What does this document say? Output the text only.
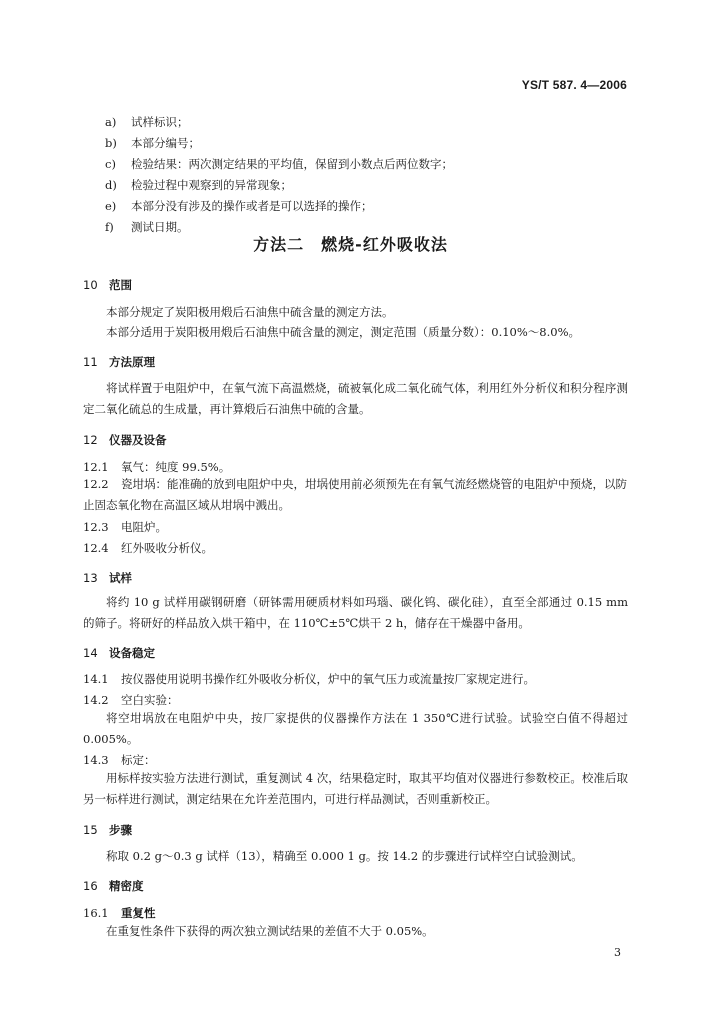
YS/T 587. 4—2006
a) 试样标识；
b) 本部分编号；
c) 检验结果：两次测定结果的平均值，保留到小数点后两位数字；
d) 检验过程中观察到的异常现象；
e) 本部分没有涉及的操作或者是可以选择的操作；
f) 测试日期。
方法二　燃烧-红外吸收法
10 范围
本部分规定了炭阳极用煅后石油焦中硫含量的测定方法。
本部分适用于炭阳极用煅后石油焦中硫含量的测定，测定范围（质量分数）：0.10%～8.0%。
11 方法原理
将试样置于电阻炉中，在氧气流下高温燃烧，硫被氧化成二氧化硫气体，利用红外分析仪和积分程序测定二氧化硫总的生成量，再计算煅后石油焦中硫的含量。
12 仪器及设备
12.1 氧气：纯度 99.5%。
12.2 瓷坩埚：能准确的放到电阻炉中央，坩埚使用前必须预先在有氧气流经燃烧管的电阻炉中预烧，以防止固态氧化物在高温区域从坩埚中溅出。
12.3 电阻炉。
12.4 红外吸收分析仪。
13 试样
将约 10 g 试样用碳钢研磨（研钵需用硬质材料如玛瑙、碳化钨、碳化硅），直至全部通过 0.15 mm 的筛子。将研好的样品放入烘干箱中，在 110℃±5℃烘干 2 h，储存在干燥器中备用。
14 设备稳定
14.1 按仪器使用说明书操作红外吸收分析仪，炉中的氧气压力或流量按厂家规定进行。
14.2 空白实验：
将空坩埚放在电阻炉中央，按厂家提供的仪器操作方法在 1 350℃进行试验。试验空白值不得超过 0.005%。
14.3 标定：
用标样按实验方法进行测试，重复测试 4 次，结果稳定时，取其平均值对仪器进行参数校正。校准后取另一标样进行测试，测定结果在允许差范围内，可进行样品测试，否则重新校正。
15 步骤
称取 0.2 g～0.3 g 试样（13），精确至 0.000 1 g。按 14.2 的步骤进行试样空白试验测试。
16 精密度
16.1 重复性
在重复性条件下获得的两次独立测试结果的差值不大于 0.05%。
3
